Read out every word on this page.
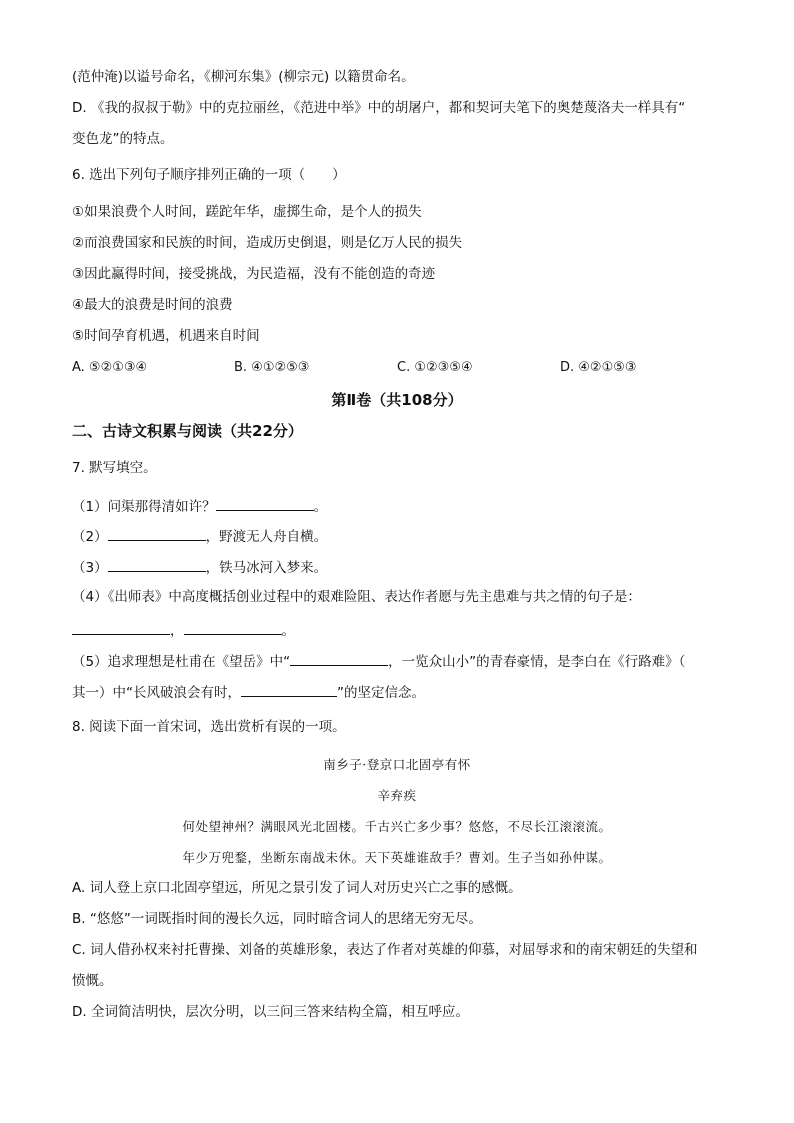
(范仲淹)以谥号命名，《柳河东集》(柳宗元) 以籍贯命名。
D. 《我的叔叔于勒》中的克拉丽丝，《范进中举》中的胡屠户，都和契诃夫笔下的奥楚蔑洛夫一样具有“
变色龙”的特点。
6. 选出下列句子顺序排列正确的一项（　　）
①如果浪费个人时间，蹉跎年华，虚掷生命，是个人的损失
②而浪费国家和民族的时间，造成历史倒退，则是亿万人民的损失
③因此赢得时间，接受挑战，为民造福，没有不能创造的奇迹
④最大的浪费是时间的浪费
⑤时间孕育机遇，机遇来自时间
A. ⑤②①③④	B. ④①②⑤③	C. ①②③⑤④	D. ④②①⑤③
第Ⅱ卷（共108分）
二、古诗文积累与阅读（共22分）
7. 默写填空。
（1）问渠那得清如许？	。
（2）	，野渡无人舟自横。
（3）	，铁马冰河入梦来。
（4）《出师表》中高度概括创业过程中的艰难险阻、表达作者愿与先主患难与共之情的句子是：
，	。
（5）追求理想是杜甫在《望岳》中“	，一览众山小”的青春豪情，是李白在《行路难》（
其一）中“长风破浪会有时，	”的坚定信念。
8. 阅读下面一首宋词，选出赏析有误的一项。
南乡子·登京口北固亭有怀
辛弃疾
何处望神州？满眼风光北固楼。千古兴亡多少事？悠悠，不尽长江滚滚流。
年少万兜鍪，坐断东南战未休。天下英雄谁敌手？曹刘。生子当如孙仲谋。
A. 词人登上京口北固亭望远，所见之景引发了词人对历史兴亡之事的感慨。
B. “悠悠”一词既指时间的漫长久远，同时暗含词人的思绪无穷无尽。
C. 词人借孙权来衬托曹操、刘备的英雄形象，表达了作者对英雄的仰慕，对屈辱求和的南宋朝廷的失望和
愤慨。
D. 全词简洁明快，层次分明，以三问三答来结构全篇，相互呼应。
